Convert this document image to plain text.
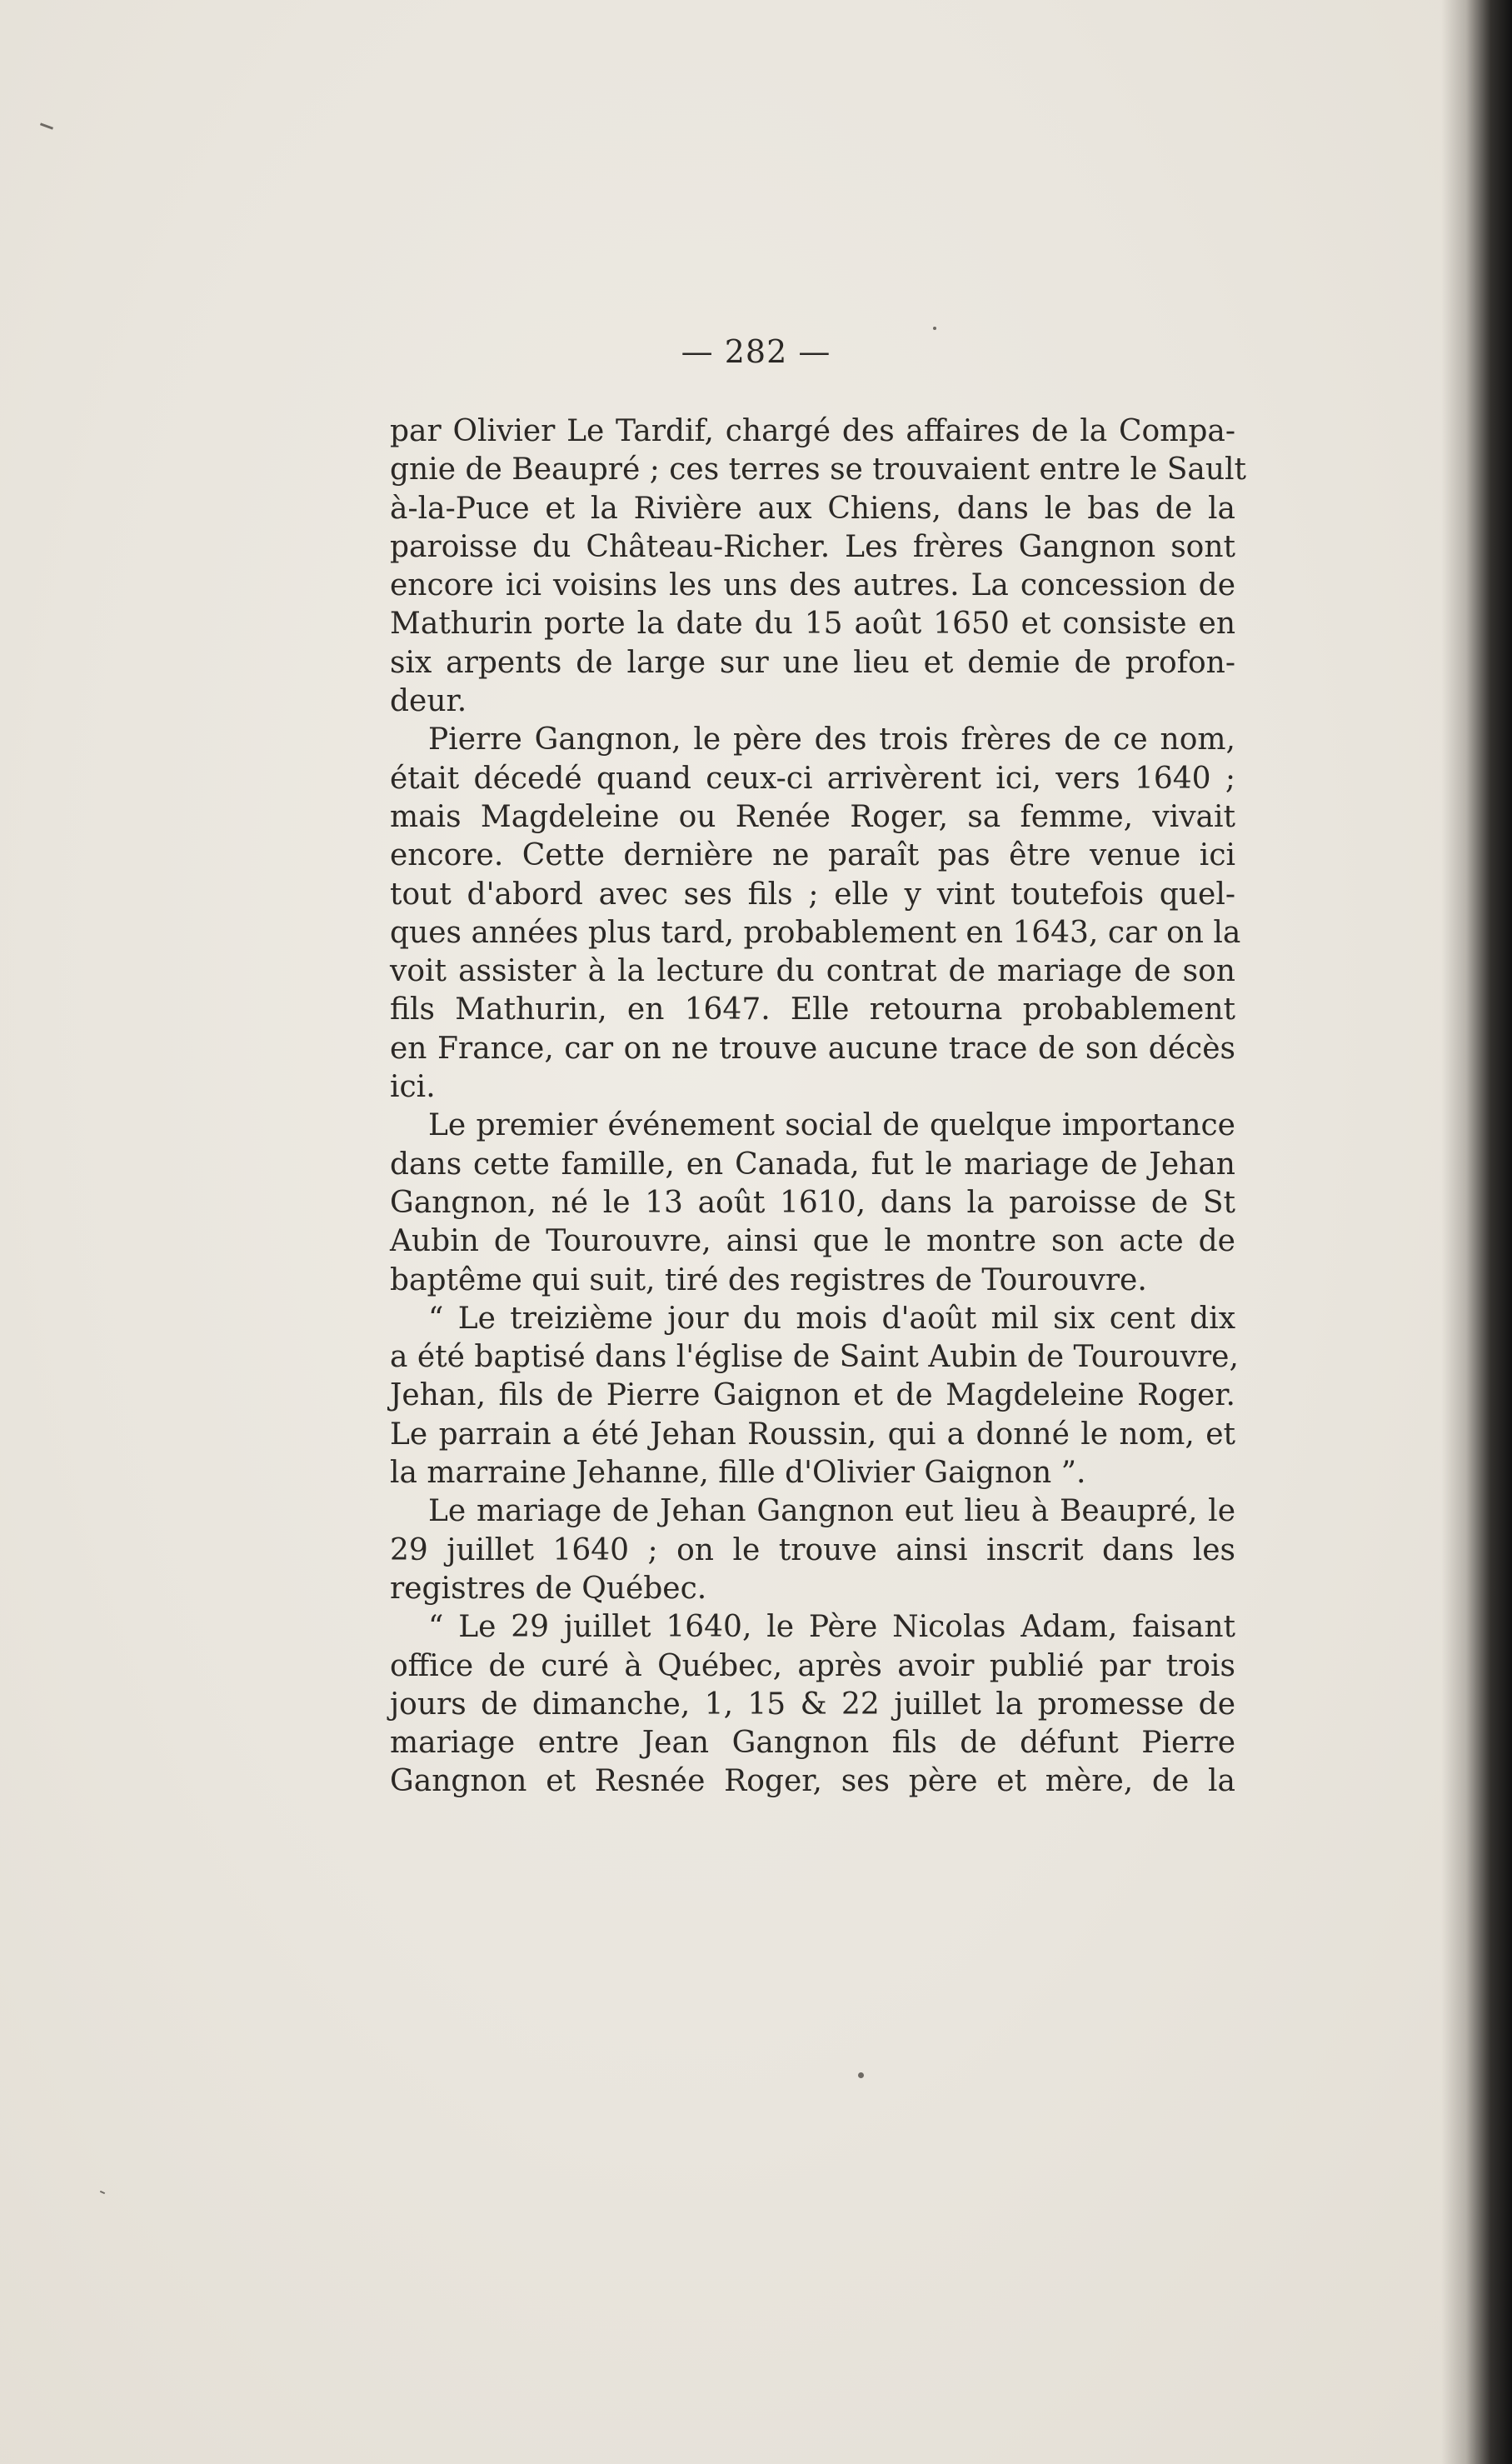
— 282 —
par Olivier Le Tardif, chargé des affaires de la Compa-
gnie de Beaupré ; ces terres se trouvaient entre le Sault
à-la-Puce et la Rivière aux Chiens, dans le bas de la
paroisse du Château-Richer. Les frères Gangnon sont
encore ici voisins les uns des autres. La concession de
Mathurin porte la date du 15 août 1650 et consiste en
six arpents de large sur une lieu et demie de profon-
deur.
Pierre Gangnon, le père des trois frères de ce nom,
était décedé quand ceux-ci arrivèrent ici, vers 1640 ;
mais Magdeleine ou Renée Roger, sa femme, vivait
encore. Cette dernière ne paraît pas être venue ici
tout d'abord avec ses fils ; elle y vint toutefois quel-
ques années plus tard, probablement en 1643, car on la
voit assister à la lecture du contrat de mariage de son
fils Mathurin, en 1647. Elle retourna probablement
en France, car on ne trouve aucune trace de son décès
ici.
Le premier événement social de quelque importance
dans cette famille, en Canada, fut le mariage de Jehan
Gangnon, né le 13 août 1610, dans la paroisse de St
Aubin de Tourouvre, ainsi que le montre son acte de
baptême qui suit, tiré des registres de Tourouvre.
“ Le treizième jour du mois d'août mil six cent dix
a été baptisé dans l'église de Saint Aubin de Tourouvre,
Jehan, fils de Pierre Gaignon et de Magdeleine Roger.
Le parrain a été Jehan Roussin, qui a donné le nom, et
la marraine Jehanne, fille d'Olivier Gaignon ”.
Le mariage de Jehan Gangnon eut lieu à Beaupré, le
29 juillet 1640 ; on le trouve ainsi inscrit dans les
registres de Québec.
“ Le 29 juillet 1640, le Père Nicolas Adam, faisant
office de curé à Québec, après avoir publié par trois
jours de dimanche, 1, 15 & 22 juillet la promesse de
mariage entre Jean Gangnon fils de défunt Pierre
Gangnon et Resnée Roger, ses père et mère, de la
